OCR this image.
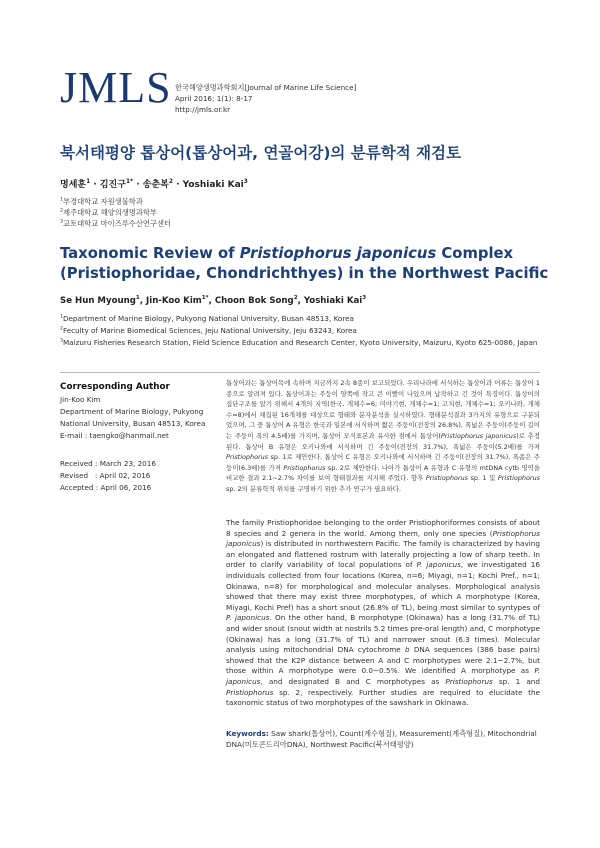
JMLS 한국해양생명과학회지[Journal of Marine Life Science]
April 2016; 1(1): 8-17
http://jmls.or.kr
북서태평양 톱상어(톱상어과, 연골어강)의 분류학적 재검토
명세훈$^1$ · 김진구$^{1*}$ · 송춘복$^2$ · Yoshiaki Kai$^3$
$^1$부경대학교 자원생물학과
$^2$제주대학교 해양의생명과학부
$^3$교토대학교 마이즈루수산연구센터
Taxonomic Review of Pristiophorus japonicus Complex (Pristiophoridae, Chondrichthyes) in the Northwest Pacific
Se Hun Myoung$^1$, Jin-Koo Kim$^{1*}$, Choon Bok Song$^2$, Yoshiaki Kai$^3$
$^1$Department of Marine Biology, Pukyong National University, Busan 48513, Korea
$^2$Feculty of Marine Biomedical Sciences, Jeju National University, Jeju 63243, Korea
$^3$Maizuru Fisheries Research Station, Field Science Education and Research Center, Kyoto University, Maizuru, Kyoto 625-0086, Japan
Corresponding Author
Jin-Koo Kim
Department of Marine Biology, Pukyong National University, Busan 48513, Korea
E-mail : taengko@hanmail.net
Received : March 23, 2016
Revised   : April 02, 2016
Accepted : April 06, 2016
톱상어과는 톱상어목에 속하며 지금까지 2속 8종이 보고되었다. 우리나라에 서식하는 톱상어과 어류는 톱상어 1종으로 알려져 있다. 톱상어과는 주둥이 양쪽에 작고 큰 이빨이 나있으며 납작하고 긴 것이 특징이다. 톱상어의 집단구조를 알기 위해서 4개의 지역(한국, 개체수=6; 미야기현, 개체수=1; 고치현, 개체수=1; 오키나와, 개체수=8)에서 채집된 16개체를 대상으로 형태와 분자분석을 실시하였다. 형태분석결과 3가지의 유형으로 구분되었으며, 그 중 톱상어 A 유형은 한국과 일본에 서식하며 짧은 주둥이(전장의 26.8%), 폭넓은 주둥이(주둥이 길이는 주둥이 폭의 4.5배)를 가지며, 톱상어 모식표본과 유사한 점에서 톱상어(Pristiophorus japonicus)로 추정된다. 톱상어 B 유형은 오키나와에 서식하며 긴 주둥이(전장의 31.7%), 폭넓은 주둥이(5.2배)를 가져 Pristiophorus sp. 1로 제안한다. 톱상어 C 유형은 오키나와에 서식하며 긴 주둥이(전장의 31.7%), 폭좁은 주둥이(6.3배)를 가져 Pristiophorus sp. 2로 제안한다. 나아가 톱상어 A 유형과 C 유형의 mtDNA cytb 영역을 비교한 결과 2.1~2.7% 차이를 보여 형태결과를 지지해 주었다. 향후 Pristiophorus sp. 1 및 Pristiophorus sp. 2의 분류학적 위치를 구명하기 위한 추가 연구가 필요하다.
The family Pristiophoridae belonging to the order Pristiophoriformes consists of about 8 species and 2 genera in the world. Among them, only one species (Pristiophorus japonicus) is distributed in northwestern Pacific. The family is characterized by having an elongated and flattened rostrum with laterally projecting a low of sharp teeth. In order to clarify variability of local populations of P. japonicus, we investigated 16 individuals collected from four locations (Korea, n=6; Miyagi, n=1; Kochi Pref., n=1; Okinawa, n=8) for morphological and molecular analyses. Morphological analysis showed that there may exist three morphotypes, of which A morphotype (Korea, Miyagi, Kochi Pref) has a short snout (26.8% of TL), being most similar to syntypes of P. japonicus. On the other hand, B morphotype (Okinawa) has a long (31.7% of TL) and wider snout (snout width at nostrils 5.2 times pre-oral length) and, C morphotype (Okinawa) has a long (31.7% of TL) and narrower snout (6.3 times). Molecular analysis using mitochondrial DNA cytochrome b DNA sequences (386 base pairs) showed that the K2P distance between A and C morphotypes were 2.1~2.7%, but those within A morphotype were 0.0~0.5%. We identified A morphotype as P. japonicus, and designated B and C morphotypes as Pristiophorus sp. 1 and Pristiophorus sp. 2, respectively. Further studies are required to elucidate the taxonomic status of two morphotypes of the sawshark in Okinawa.
Keywords: Saw shark(톱상어), Count(계수형질), Measurement(계측형질), Mitochondrial DNA(미토콘드리아DNA), Northwest Pacific(북서태평양)
